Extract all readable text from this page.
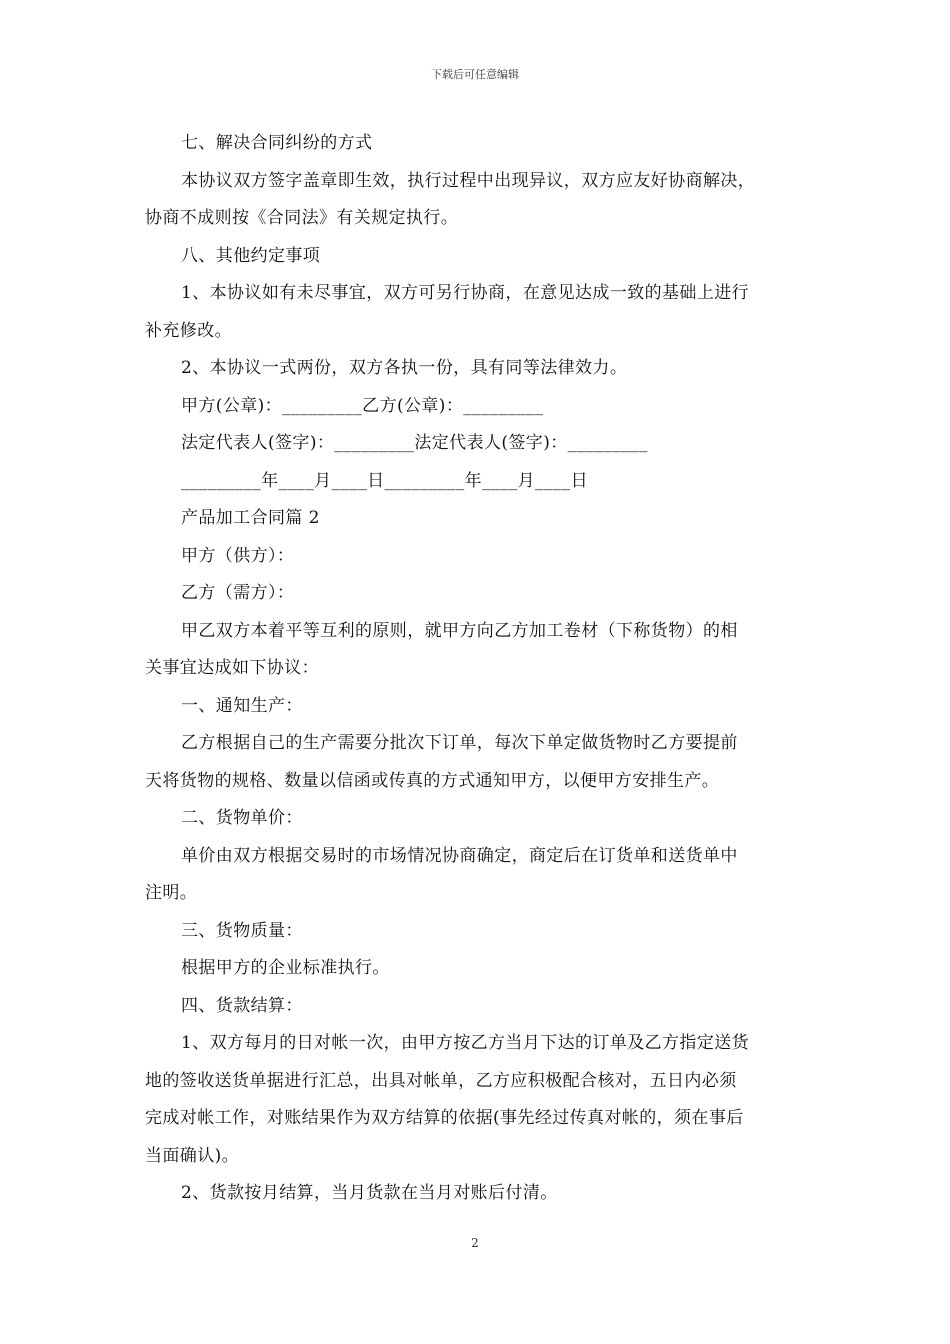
下载后可任意编辑
七、解决合同纠纷的方式
本协议双方签字盖章即生效，执行过程中出现异议，双方应友好协商解决，
协商不成则按《合同法》有关规定执行。
八、其他约定事项
1、本协议如有未尽事宜，双方可另行协商，在意见达成一致的基础上进行
补充修改。
2、本协议一式两份，双方各执一份，具有同等法律效力。
甲方(公章)：_________乙方(公章)：_________
法定代表人(签字)：_________法定代表人(签字)：_________
_________年____月____日_________年____月____日
产品加工合同篇 2
甲方（供方）：
乙方（需方）：
甲乙双方本着平等互利的原则，就甲方向乙方加工卷材（下称货物）的相
关事宜达成如下协议：
一、通知生产：
乙方根据自己的生产需要分批次下订单，每次下单定做货物时乙方要提前
天将货物的规格、数量以信函或传真的方式通知甲方，以便甲方安排生产。
二、货物单价：
单价由双方根据交易时的市场情况协商确定，商定后在订货单和送货单中
注明。
三、货物质量：
根据甲方的企业标准执行。
四、货款结算：
1、双方每月的日对帐一次，由甲方按乙方当月下达的订单及乙方指定送货
地的签收送货单据进行汇总，出具对帐单，乙方应积极配合核对，五日内必须
完成对帐工作，对账结果作为双方结算的依据(事先经过传真对帐的，须在事后
当面确认)。
2、货款按月结算，当月货款在当月对账后付清。
2
